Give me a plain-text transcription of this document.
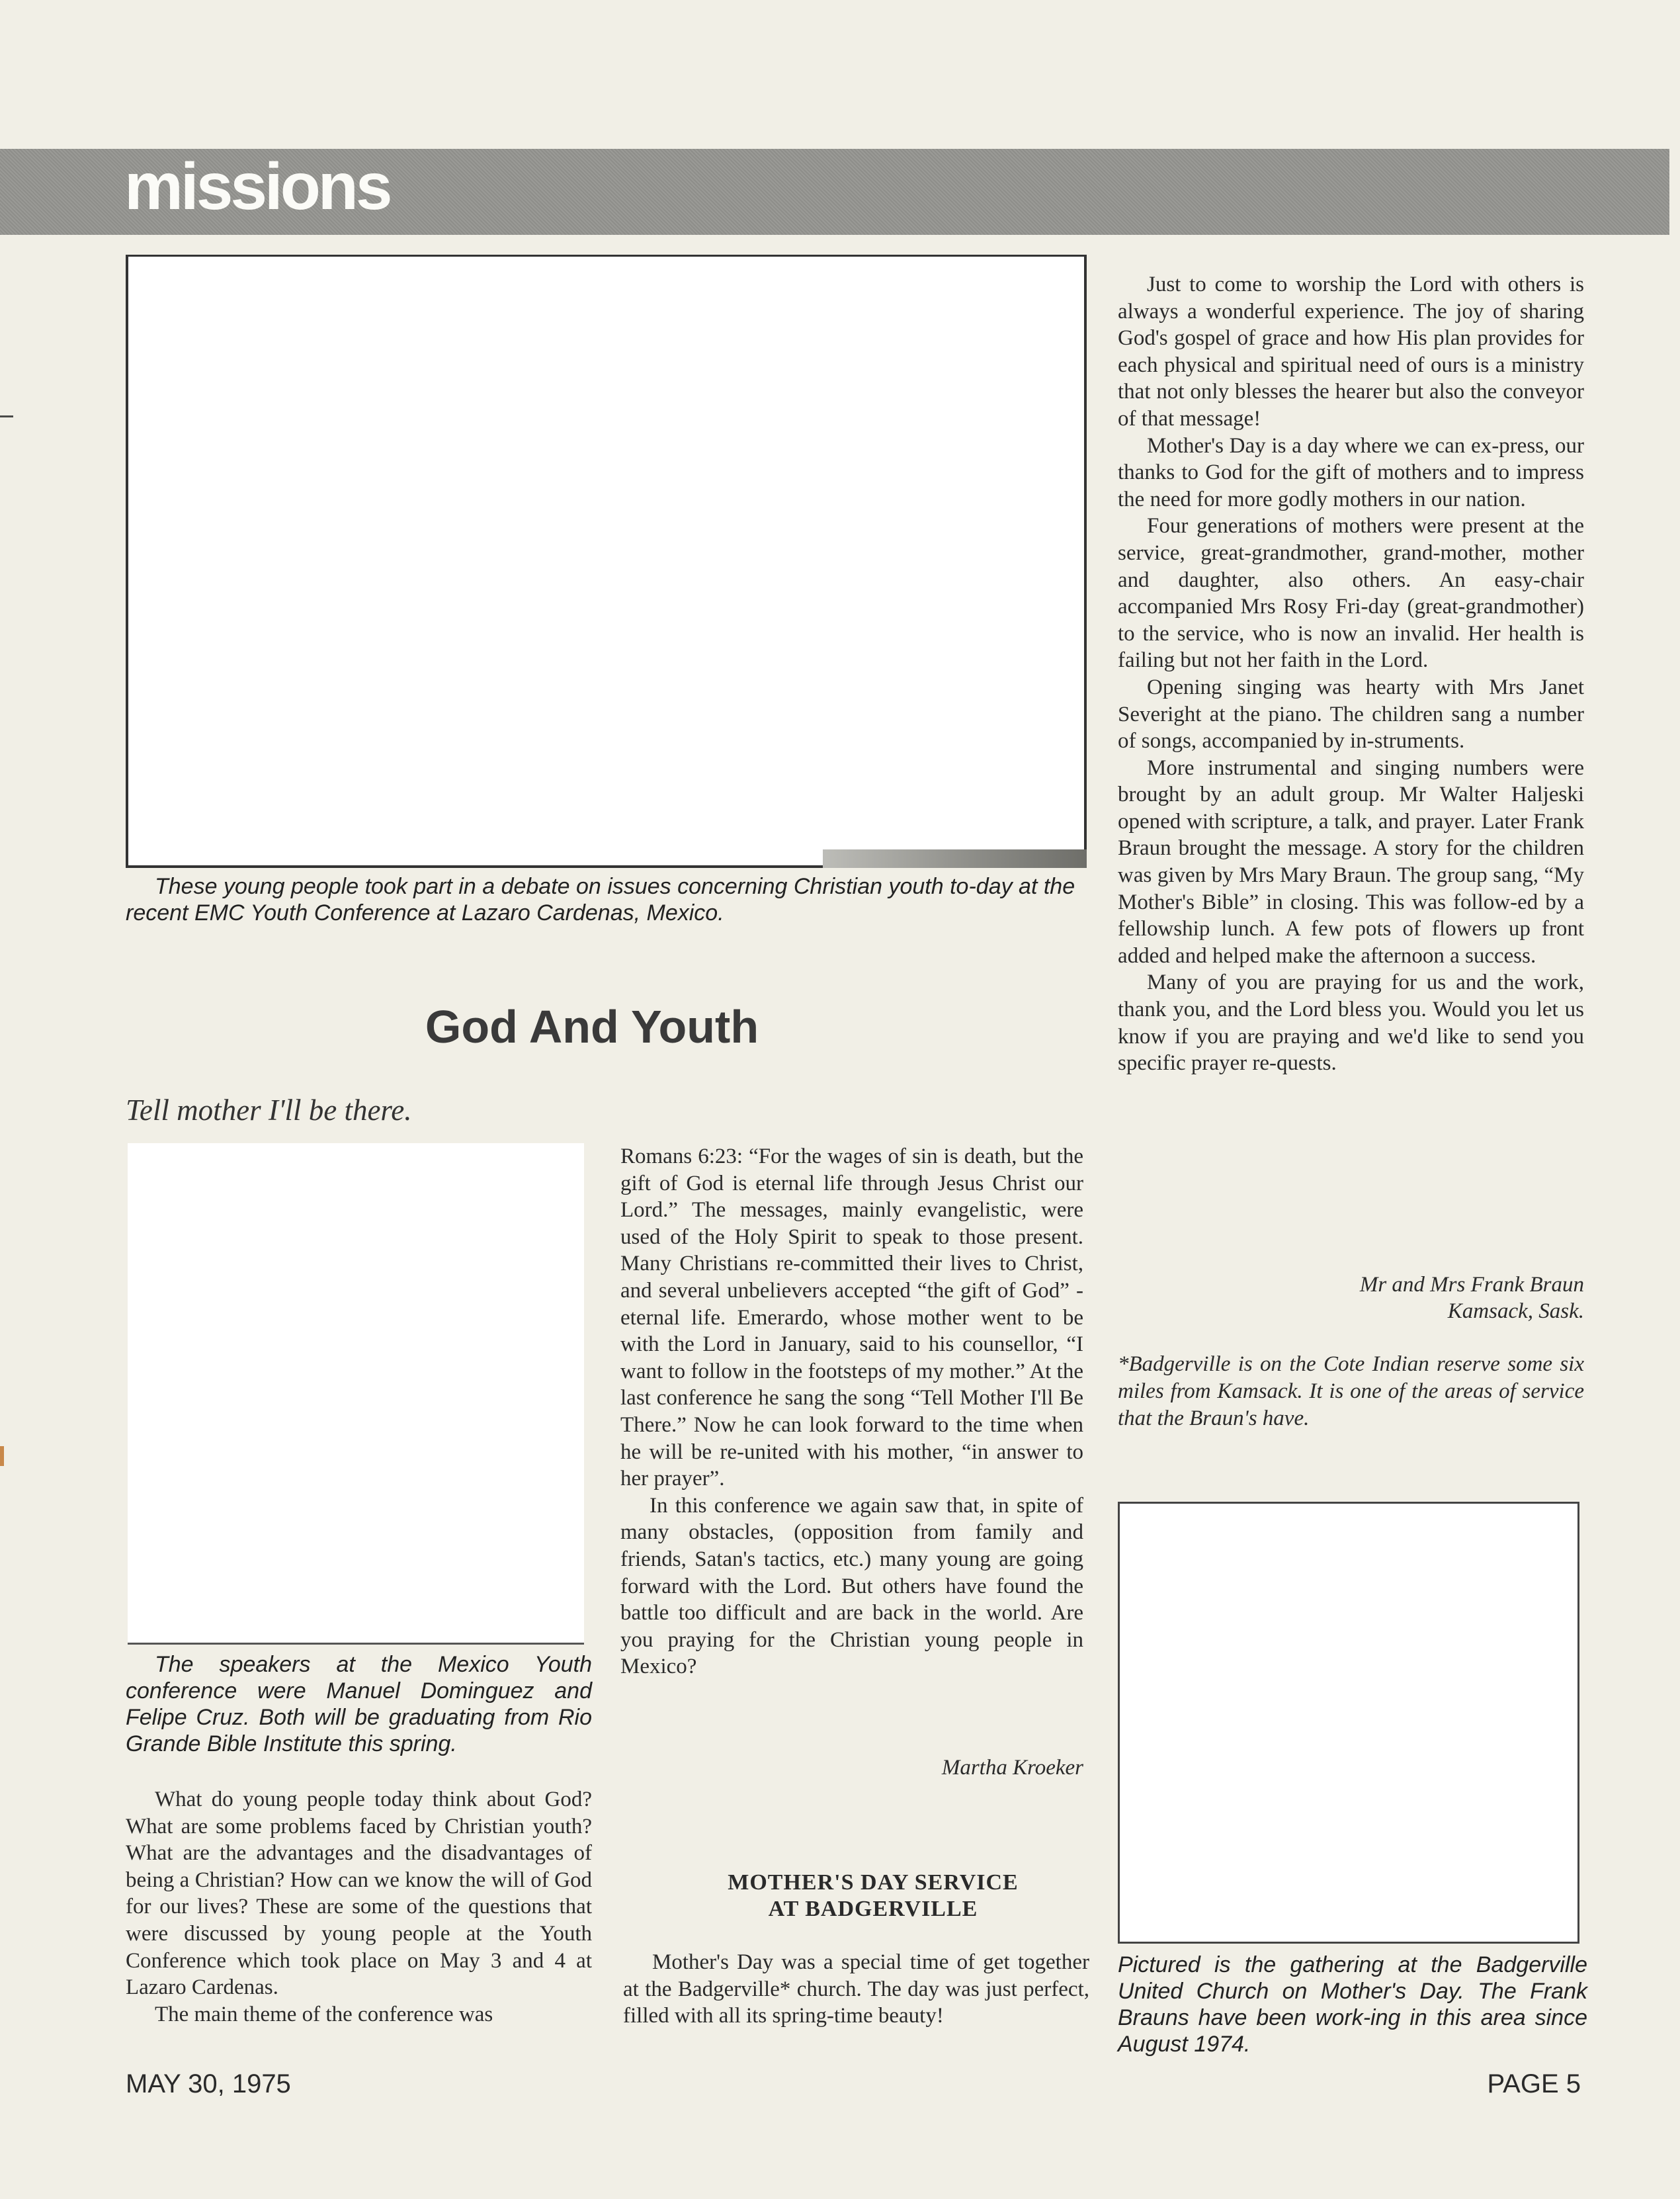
missions
These young people took part in a debate on issues concerning Christian youth to-day at the recent EMC Youth Conference at Lazaro Cardenas, Mexico.
God And Youth
Tell mother I'll be there.
The speakers at the Mexico Youth conference were Manuel Dominguez and Felipe Cruz. Both will be graduating from Rio Grande Bible Institute this spring.

What do young people today think about God? What are some problems faced by Christian youth? What are the advantages and the disadvantages of being a Christian? How can we know the will of God for our lives? These are some of the questions that were discussed by young people at the Youth Conference which took place on May 3 and 4 at Lazaro Cardenas.

The main theme of the conference was

Romans 6:23: “For the wages of sin is death, but the gift of God is eternal life through Jesus Christ our Lord.” The messages, mainly evangelistic, were used of the Holy Spirit to speak to those present. Many Christians re-committed their lives to Christ, and several unbelievers accepted “the gift of God” - eternal life. Emerardo, whose mother went to be with the Lord in January, said to his counsellor, “I want to follow in the footsteps of my mother.” At the last conference he sang the song “Tell Mother I'll Be There.” Now he can look forward to the time when he will be re-united with his mother, “in answer to her prayer”.

In this conference we again saw that, in spite of many obstacles, (opposition from family and friends, Satan's tactics, etc.) many young are going forward with the Lord. But others have found the battle too difficult and are back in the world. Are you praying for the Christian young people in Mexico?

Martha Kroeker
MOTHER'S DAY SERVICE
AT BADGERVILLE

Mother's Day was a special time of get together at the Badgerville* church. The day was just perfect, filled with all its spring-time beauty!

Just to come to worship the Lord with others is always a wonderful experience. The joy of sharing God's gospel of grace and how His plan provides for each physical and spiritual need of ours is a ministry that not only blesses the hearer but also the conveyor of that message!

Mother's Day is a day where we can ex-press, our thanks to God for the gift of mothers and to impress the need for more godly mothers in our nation.

Four generations of mothers were present at the service, great-grandmother, grand-mother, mother and daughter, also others. An easy-chair accompanied Mrs Rosy Fri-day (great-grandmother) to the service, who is now an invalid. Her health is failing but not her faith in the Lord.

Opening singing was hearty with Mrs Janet Severight at the piano. The children sang a number of songs, accompanied by in-struments.

More instrumental and singing numbers were brought by an adult group. Mr Walter Haljeski opened with scripture, a talk, and prayer. Later Frank Braun brought the message. A story for the children was given by Mrs Mary Braun. The group sang, “My Mother's Bible” in closing. This was follow-ed by a fellowship lunch. A few pots of flowers up front added and helped make the afternoon a success.

Many of you are praying for us and the work, thank you, and the Lord bless you. Would you let us know if you are praying and we'd like to send you specific prayer re-quests.

Mr and Mrs Frank Braun
Kamsack, Sask.
*Badgerville is on the Cote Indian reserve some six miles from Kamsack. It is one of the areas of service that the Braun's have.
Pictured is the gathering at the Badgerville United Church on Mother's Day. The Frank Brauns have been work-ing in this area since August 1974.
MAY 30, 1975	PAGE 5
